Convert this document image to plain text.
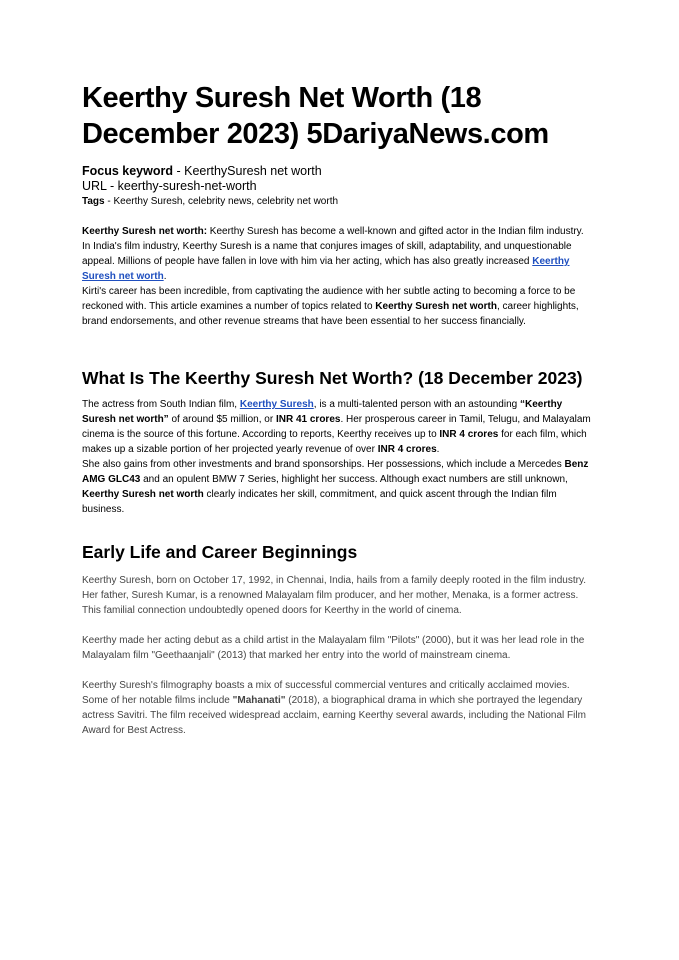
Keerthy Suresh Net Worth (18 December 2023) 5DariyaNews.com
Focus keyword - KeerthySuresh net worth
URL - keerthy-suresh-net-worth
Tags - Keerthy Suresh, celebrity news, celebrity net worth

Keerthy Suresh net worth: Keerthy Suresh has become a well-known and gifted actor in the Indian film industry. In India's film industry, Keerthy Suresh is a name that conjures images of skill, adaptability, and unquestionable appeal. Millions of people have fallen in love with him via her acting, which has also greatly increased Keerthy Suresh net worth.

Kirti's career has been incredible, from captivating the audience with her subtle acting to becoming a force to be reckoned with. This article examines a number of topics related to Keerthy Suresh net worth, career highlights, brand endorsements, and other revenue streams that have been essential to her success financially.

What Is The Keerthy Suresh Net Worth? (18 December 2023)

The actress from South Indian film, Keerthy Suresh, is a multi-talented person with an astounding “Keerthy Suresh net worth” of around $5 million, or INR 41 crores. Her prosperous career in Tamil, Telugu, and Malayalam cinema is the source of this fortune. According to reports, Keerthy receives up to INR 4 crores for each film, which makes up a sizable portion of her projected yearly revenue of over INR 4 crores.

She also gains from other investments and brand sponsorships. Her possessions, which include a Mercedes Benz AMG GLC43 and an opulent BMW 7 Series, highlight her success. Although exact numbers are still unknown, Keerthy Suresh net worth clearly indicates her skill, commitment, and quick ascent through the Indian film business.

Early Life and Career Beginnings

Keerthy Suresh, born on October 17, 1992, in Chennai, India, hails from a family deeply rooted in the film industry. Her father, Suresh Kumar, is a renowned Malayalam film producer, and her mother, Menaka, is a former actress. This familial connection undoubtedly opened doors for Keerthy in the world of cinema.

Keerthy made her acting debut as a child artist in the Malayalam film "Pilots" (2000), but it was her lead role in the Malayalam film "Geethaanjali" (2013) that marked her entry into the world of mainstream cinema.

Keerthy Suresh's filmography boasts a mix of successful commercial ventures and critically acclaimed movies. Some of her notable films include "Mahanati" (2018), a biographical drama in which she portrayed the legendary actress Savitri. The film received widespread acclaim, earning Keerthy several awards, including the National Film Award for Best Actress.
